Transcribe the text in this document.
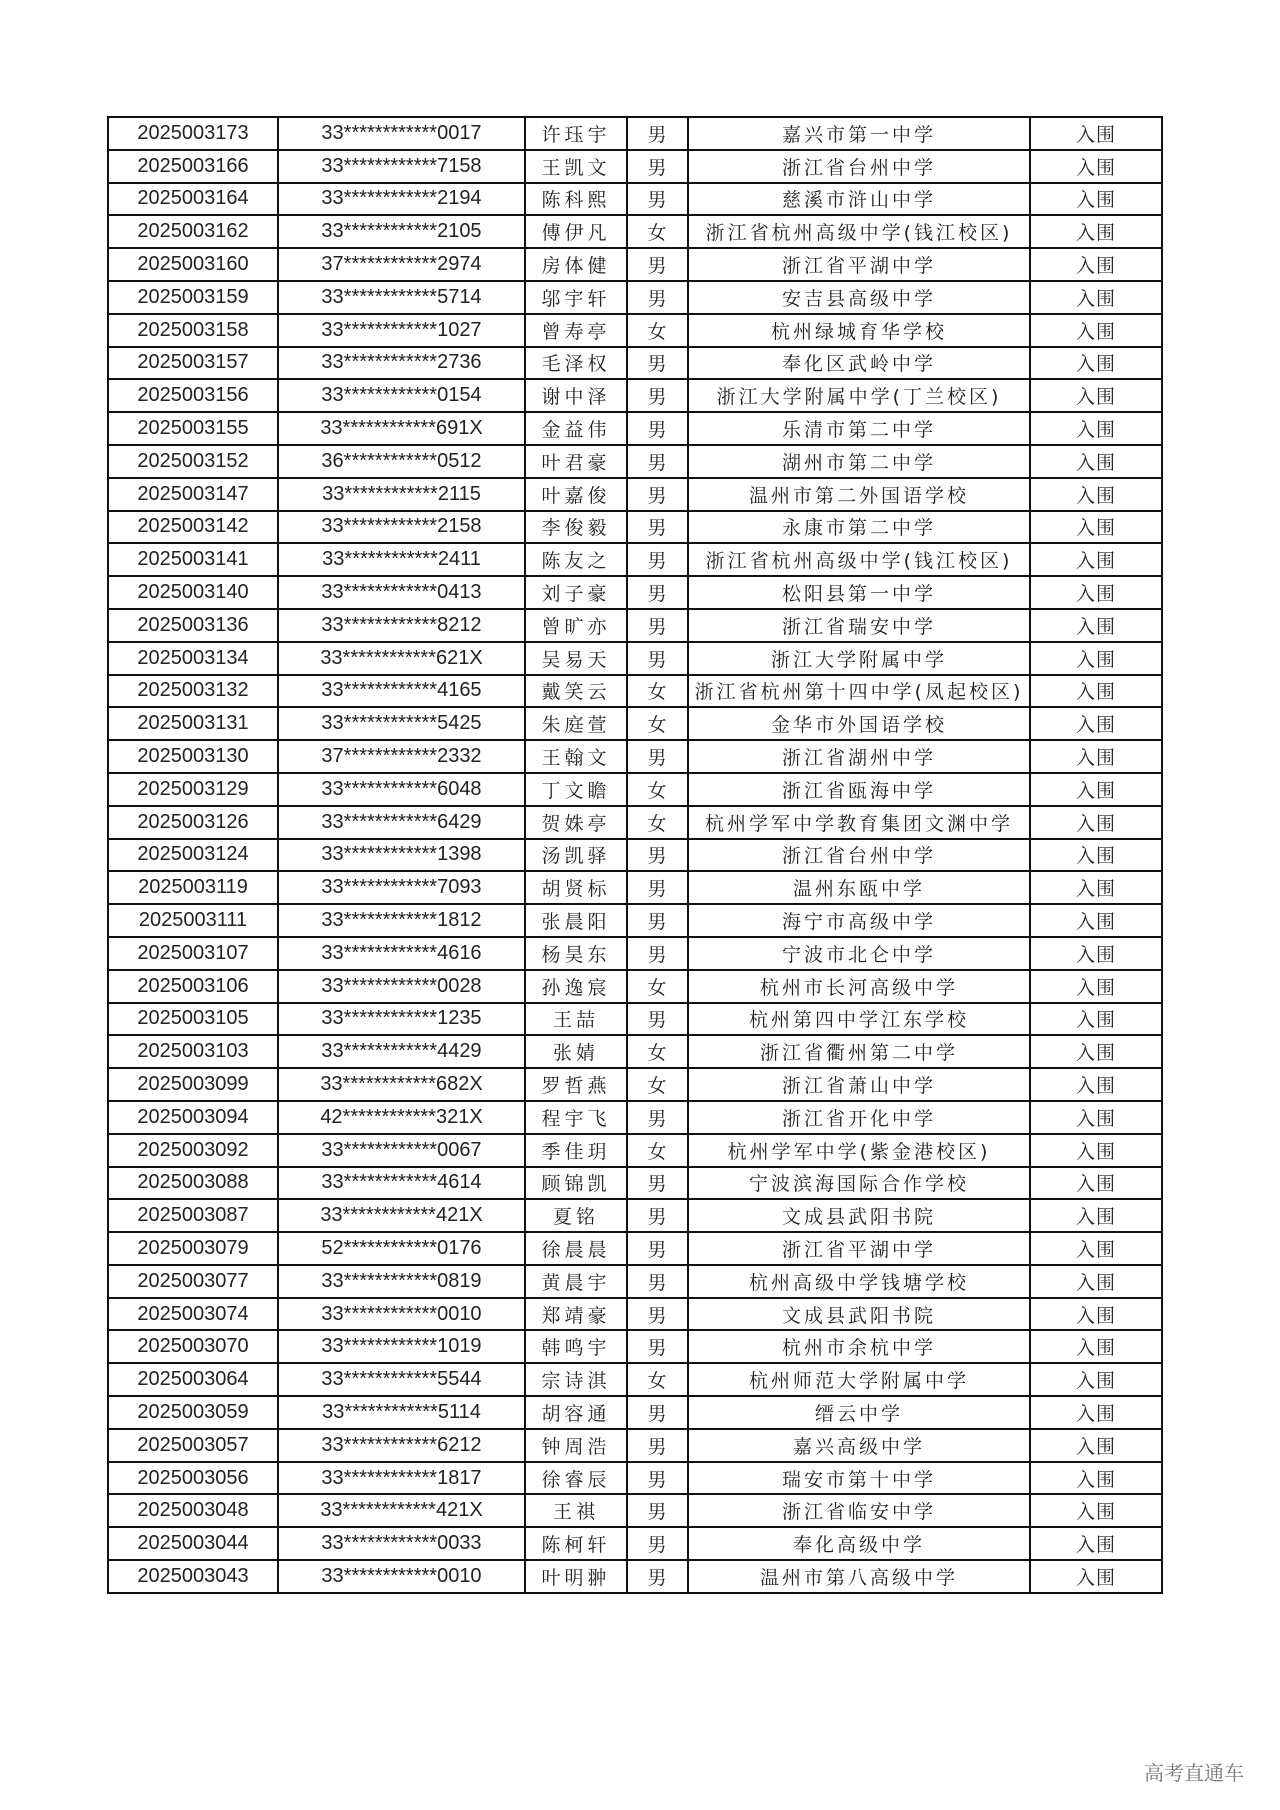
2025003173	33************0017	许珏宇	男	嘉兴市第一中学	入围
2025003166	33************7158	王凯文	男	浙江省台州中学	入围
2025003164	33************2194	陈科熙	男	慈溪市浒山中学	入围
2025003162	33************2105	傅伊凡	女	浙江省杭州高级中学(钱江校区)	入围
2025003160	37************2974	房体健	男	浙江省平湖中学	入围
2025003159	33************5714	邬宇轩	男	安吉县高级中学	入围
2025003158	33************1027	曾寿亭	女	杭州绿城育华学校	入围
2025003157	33************2736	毛泽权	男	奉化区武岭中学	入围
2025003156	33************0154	谢中泽	男	浙江大学附属中学(丁兰校区)	入围
2025003155	33************691X	金益伟	男	乐清市第二中学	入围
2025003152	36************0512	叶君豪	男	湖州市第二中学	入围
2025003147	33************2115	叶嘉俊	男	温州市第二外国语学校	入围
2025003142	33************2158	李俊毅	男	永康市第二中学	入围
2025003141	33************2411	陈友之	男	浙江省杭州高级中学(钱江校区)	入围
2025003140	33************0413	刘子豪	男	松阳县第一中学	入围
2025003136	33************8212	曾旷亦	男	浙江省瑞安中学	入围
2025003134	33************621X	吴易天	男	浙江大学附属中学	入围
2025003132	33************4165	戴笑云	女	浙江省杭州第十四中学(凤起校区)	入围
2025003131	33************5425	朱庭萱	女	金华市外国语学校	入围
2025003130	37************2332	王翰文	男	浙江省湖州中学	入围
2025003129	33************6048	丁文瞻	女	浙江省瓯海中学	入围
2025003126	33************6429	贺姝亭	女	杭州学军中学教育集团文渊中学	入围
2025003124	33************1398	汤凯驿	男	浙江省台州中学	入围
2025003119	33************7093	胡贤标	男	温州东瓯中学	入围
2025003111	33************1812	张晨阳	男	海宁市高级中学	入围
2025003107	33************4616	杨昊东	男	宁波市北仑中学	入围
2025003106	33************0028	孙逸宸	女	杭州市长河高级中学	入围
2025003105	33************1235	王喆	男	杭州第四中学江东学校	入围
2025003103	33************4429	张婧	女	浙江省衢州第二中学	入围
2025003099	33************682X	罗哲燕	女	浙江省萧山中学	入围
2025003094	42************321X	程宇飞	男	浙江省开化中学	入围
2025003092	33************0067	季佳玥	女	杭州学军中学(紫金港校区)	入围
2025003088	33************4614	顾锦凯	男	宁波滨海国际合作学校	入围
2025003087	33************421X	夏铭	男	文成县武阳书院	入围
2025003079	52************0176	徐晨晨	男	浙江省平湖中学	入围
2025003077	33************0819	黄晨宇	男	杭州高级中学钱塘学校	入围
2025003074	33************0010	郑靖豪	男	文成县武阳书院	入围
2025003070	33************1019	韩鸣宇	男	杭州市余杭中学	入围
2025003064	33************5544	宗诗淇	女	杭州师范大学附属中学	入围
2025003059	33************5114	胡容通	男	缙云中学	入围
2025003057	33************6212	钟周浩	男	嘉兴高级中学	入围
2025003056	33************1817	徐睿辰	男	瑞安市第十中学	入围
2025003048	33************421X	王祺	男	浙江省临安中学	入围
2025003044	33************0033	陈柯轩	男	奉化高级中学	入围
2025003043	33************0010	叶明翀	男	温州市第八高级中学	入围
高考直通车
